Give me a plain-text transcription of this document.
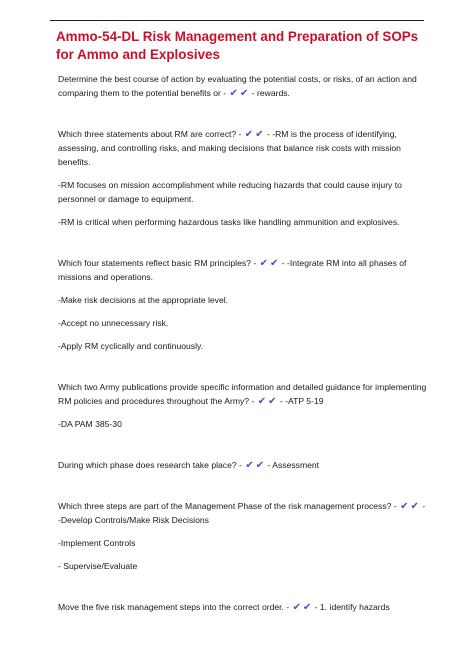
Ammo-54-DL Risk Management and Preparation of SOPs for Ammo and Explosives

Determine the best course of action by evaluating the potential costs, or risks, of an action and comparing them to the potential benefits or - ✔ ✔ - rewards.

Which three statements about RM are correct? - ✔ ✔ - -RM is the process of identifying, assessing, and controlling risks, and making decisions that balance risk costs with mission benefits.

-RM focuses on mission accomplishment while reducing hazards that could cause injury to personnel or damage to equipment.

-RM is critical when performing hazardous tasks like handling ammunition and explosives.

Which four statements reflect basic RM principles? - ✔ ✔ - -Integrate RM into all phases of missions and operations.

-Make risk decisions at the appropriate level.

-Accept no unnecessary risk.

-Apply RM cyclically and continuously.

Which two Army publications provide specific information and detailed guidance for implementing RM policies and procedures throughout the Army? - ✔ ✔ - -ATP 5-19

-DA PAM 385-30

During which phase does research take place? - ✔ ✔ - Assessment

Which three steps are part of the Management Phase of the risk management process? - ✔ ✔ - -Develop Controls/Make Risk Decisions

-Implement Controls

- Supervise/Evaluate

Move the five risk management steps into the correct order. - ✔ ✔ - 1. identify hazards
